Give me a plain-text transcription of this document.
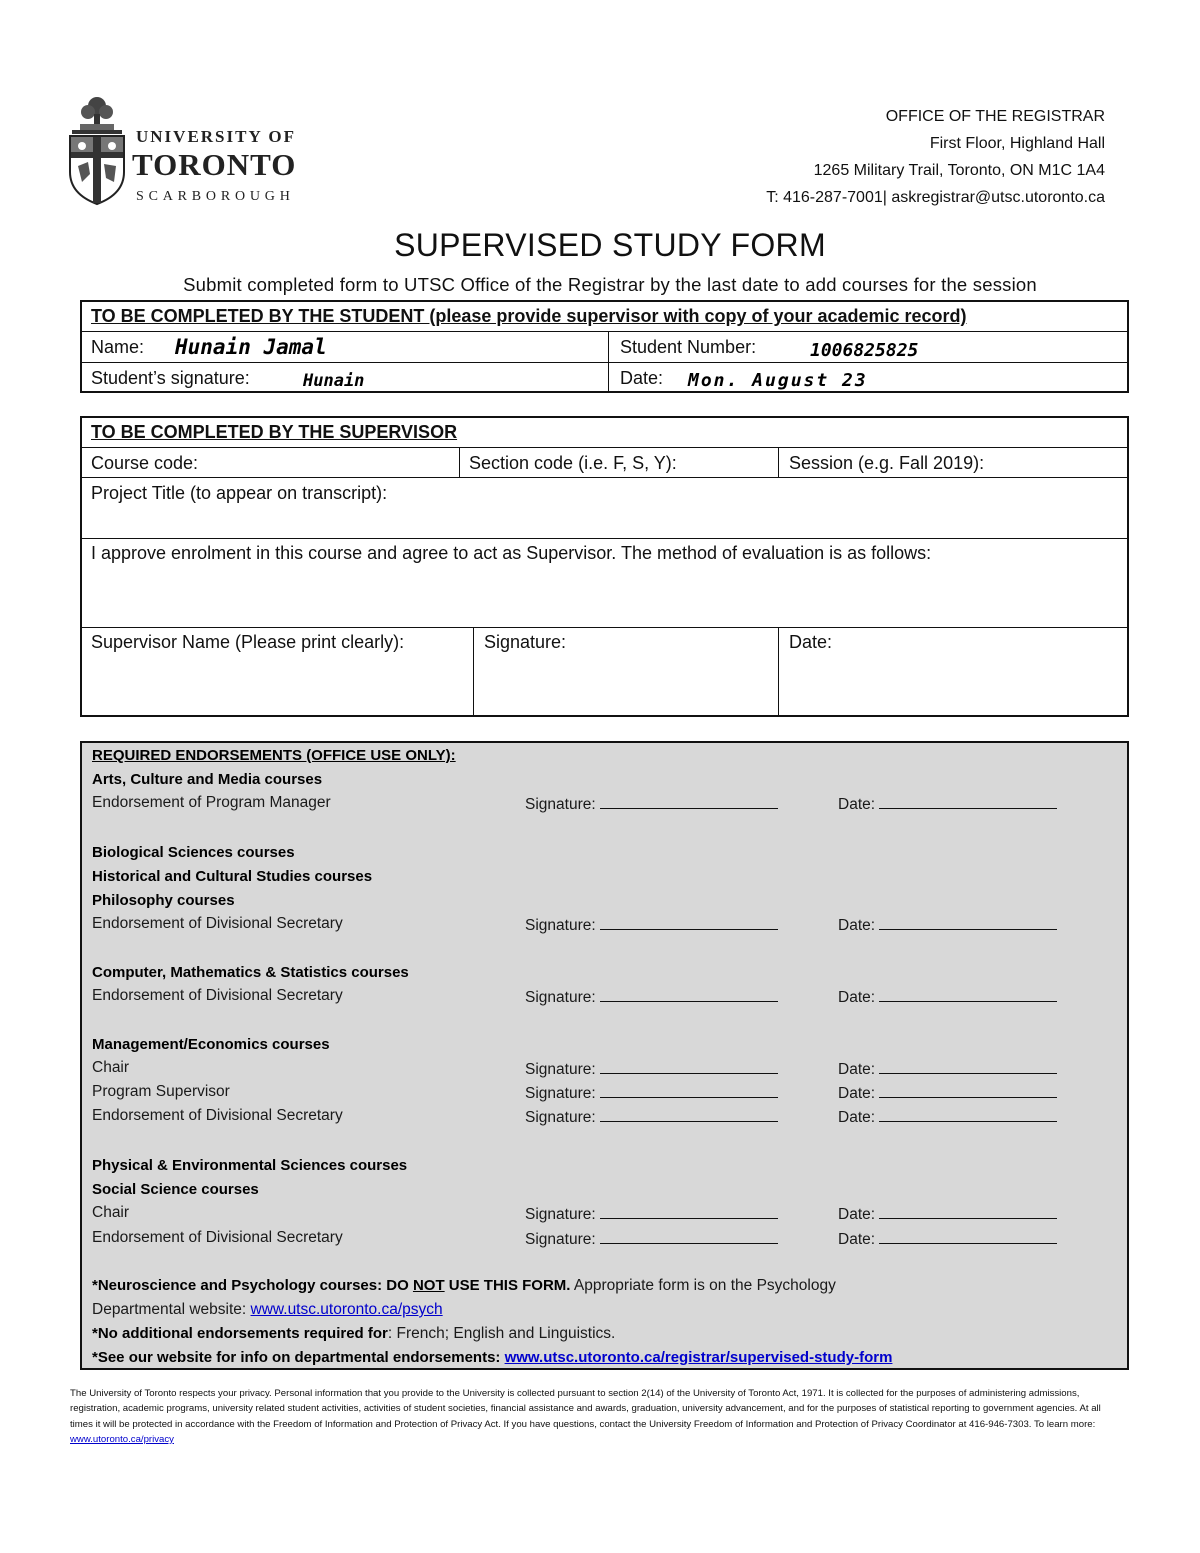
UNIVERSITY OF
TORONTO
SCARBOROUGH
OFFICE OF THE REGISTRAR
First Floor, Highland Hall
1265 Military Trail, Toronto, ON M1C 1A4
T: 416-287-7001| askregistrar@utsc.utoronto.ca
SUPERVISED STUDY FORM
Submit completed form to UTSC Office of the Registrar by the last date to add courses for the session
TO BE COMPLETED BY THE STUDENT (please provide supervisor with copy of your academic record)
Name: Hunain Jamal	Student Number:	1006825825
Student’s signature:	Hunain	Date: Mon. August 23
TO BE COMPLETED BY THE SUPERVISOR
Course code:	Section code (i.e. F, S, Y):	Session (e.g. Fall 2019):
Project Title (to appear on transcript):
I approve enrolment in this course and agree to act as Supervisor. The method of evaluation is as follows:
Supervisor Name (Please print clearly):	Signature:	Date:
REQUIRED ENDORSEMENTS (OFFICE USE ONLY):
Arts, Culture and Media courses
Endorsement of Program Manager	Signature:	Date:
Biological Sciences courses
Historical and Cultural Studies courses
Philosophy courses
Endorsement of Divisional Secretary	Signature:	Date:
Computer, Mathematics & Statistics courses
Endorsement of Divisional Secretary	Signature:	Date:
Management/Economics courses
Chair	Signature:	Date:
Program Supervisor	Signature:	Date:
Endorsement of Divisional Secretary	Signature:	Date:
Physical & Environmental Sciences courses
Social Science courses
Chair	Signature:	Date:
Endorsement of Divisional Secretary	Signature:	Date:
*Neuroscience and Psychology courses: DO NOT USE THIS FORM. Appropriate form is on the Psychology
Departmental website: www.utsc.utoronto.ca/psych
*No additional endorsements required for: French; English and Linguistics.
*See our website for info on departmental endorsements: www.utsc.utoronto.ca/registrar/supervised-study-form
The University of Toronto respects your privacy. Personal information that you provide to the University is collected pursuant to section 2(14) of the University of Toronto Act, 1971. It is collected for the purposes of administering admissions, registration, academic programs, university related student activities, activities of student societies, financial assistance and awards, graduation, university advancement, and for the purposes of statistical reporting to government agencies. At all times it will be protected in accordance with the Freedom of Information and Protection of Privacy Act. If you have questions, contact the University Freedom of Information and Protection of Privacy Coordinator at 416-946-7303. To learn more: www.utoronto.ca/privacy
